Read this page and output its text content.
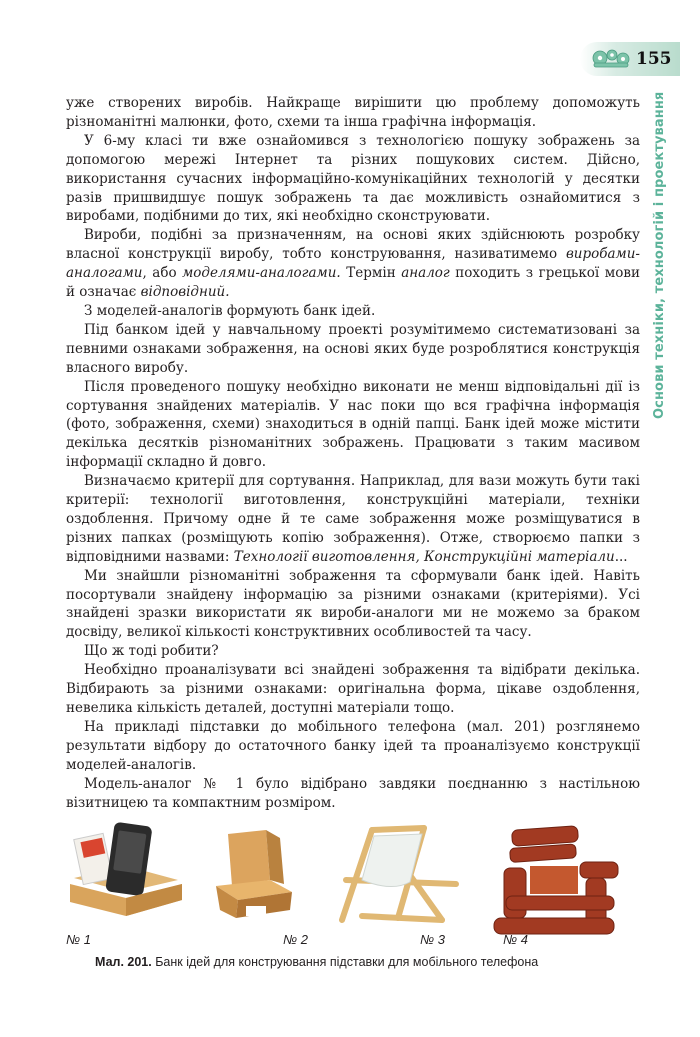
155
Основи техніки, технологій і проектування

уже створених виробів. Найкраще вирішити цю проблему допоможуть різноманітні малюнки, фото, схеми та інша графічна інформація.

У 6-му класі ти вже ознайомився з технологією пошуку зображень за допомогою мережі Інтернет та різних пошукових систем. Дійсно, використання сучасних інформаційно-комунікаційних технологій у десятки разів пришвидшує пошук зображень та дає можливість ознайомитися з виробами, подібними до тих, які необхідно сконструювати.

Вироби, подібні за призначенням, на основі яких здійснюють розробку власної конструкції виробу, тобто конструювання, називатимемо виробами-аналогами, або моделями-аналогами. Термін аналог походить з грецької мови й означає відповідний.

З моделей-аналогів формують банк ідей.

Під банком ідей у навчальному проекті розумітимемо систематизовані за певними ознаками зображення, на основі яких буде розроблятися конструкція власного виробу.

Після проведеного пошуку необхідно виконати не менш відповідальні дії із сортування знайдених матеріалів. У нас поки що вся графічна інформація (фото, зображення, схеми) знаходиться в одній папці. Банк ідей може містити декілька десятків різноманітних зображень. Працювати з таким масивом інформації складно й довго.

Визначаємо критерії для сортування. Наприклад, для вази можуть бути такі критерії: технології виготовлення, конструкційні матеріали, техніки оздоблення. Причому одне й те саме зображення може розміщуватися в різних папках (розміщують копію зображення). Отже, створюємо папки з відповідними назвами: Технології виготовлення, Конструкційні матеріали...

Ми знайшли різноманітні зображення та сформували банк ідей. Навіть посортували знайдену інформацію за різними ознаками (критеріями). Усі знайдені зразки використати як вироби-аналоги ми не можемо за браком досвіду, великої кількості конструктивних особливостей та часу.

Що ж тоді робити?

Необхідно проаналізувати всі знайдені зображення та відібрати декілька. Відбирають за різними ознаками: оригінальна форма, цікаве оздоблення, невелика кількість деталей, доступні матеріали тощо.

На прикладі підставки до мобільного телефона (мал. 201) розглянемо результати відбору до остаточного банку ідей та проаналізуємо конструкції моделей-аналогів.

Модель-аналог № 1 було відібрано завдяки поєднанню з настільною візитницею та компактним розміром.

№ 1	№ 2	№ 3	№ 4
Мал. 201. Банк ідей для конструювання підставки для мобільного телефона
